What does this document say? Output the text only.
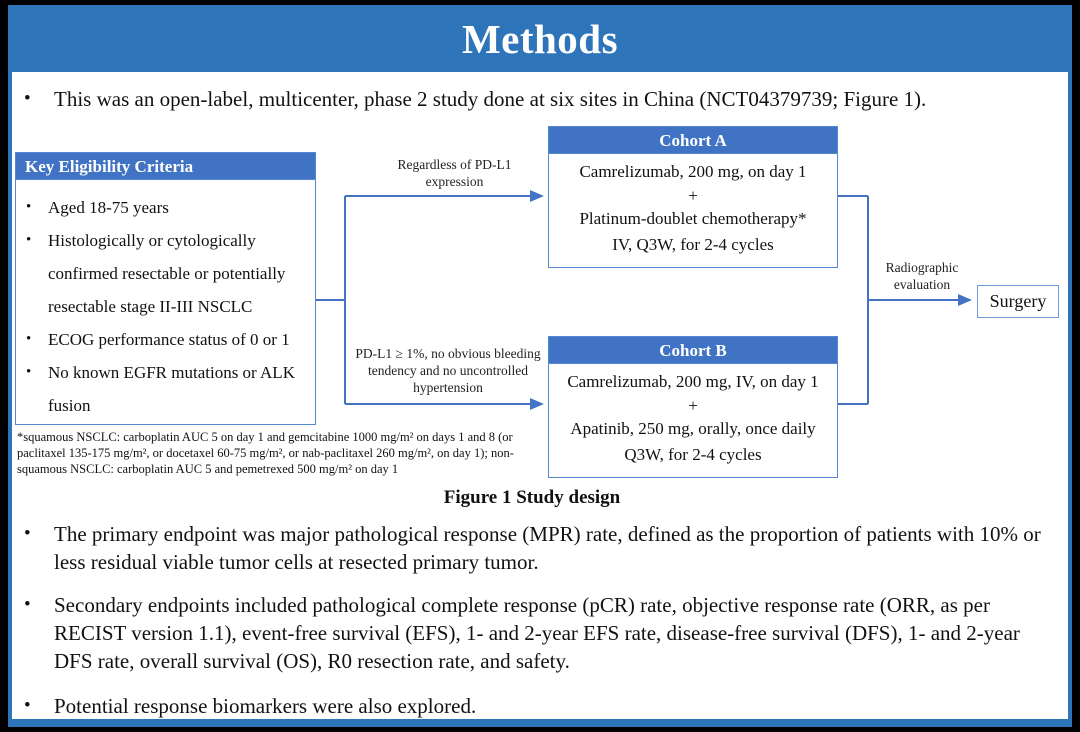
Methods
•	This was an open-label, multicenter, phase 2 study done at six sites in China (NCT04379739; Figure 1).
Key Eligibility Criteria
• Aged 18-75 years
• Histologically or cytologically confirmed resectable or potentially resectable stage II-III NSCLC
• ECOG performance status of 0 or 1
• No known EGFR mutations or ALK fusion
Cohort A
Camrelizumab, 200 mg, on day 1
+
Platinum-doublet chemotherapy*
IV, Q3W, for 2-4 cycles
Cohort B
Camrelizumab, 200 mg, IV, on day 1
+
Apatinib, 250 mg, orally, once daily
Q3W, for 2-4 cycles
Regardless of PD-L1 expression
PD-L1 ≥ 1%, no obvious bleeding tendency and no uncontrolled hypertension
Radiographic evaluation
Surgery
*squamous NSCLC: carboplatin AUC 5 on day 1 and gemcitabine 1000 mg/m² on days 1 and 8 (or paclitaxel 135-175 mg/m², or docetaxel 60-75 mg/m², or nab-paclitaxel 260 mg/m², on day 1); non-squamous NSCLC: carboplatin AUC 5 and pemetrexed 500 mg/m² on day 1
Figure 1 Study design
•	The primary endpoint was major pathological response (MPR) rate, defined as the proportion of patients with 10% or less residual viable tumor cells at resected primary tumor.
•	Secondary endpoints included pathological complete response (pCR) rate, objective response rate (ORR, as per RECIST version 1.1), event-free survival (EFS), 1- and 2-year EFS rate, disease-free survival (DFS), 1- and 2-year DFS rate, overall survival (OS), R0 resection rate, and safety.
•	Potential response biomarkers were also explored.
